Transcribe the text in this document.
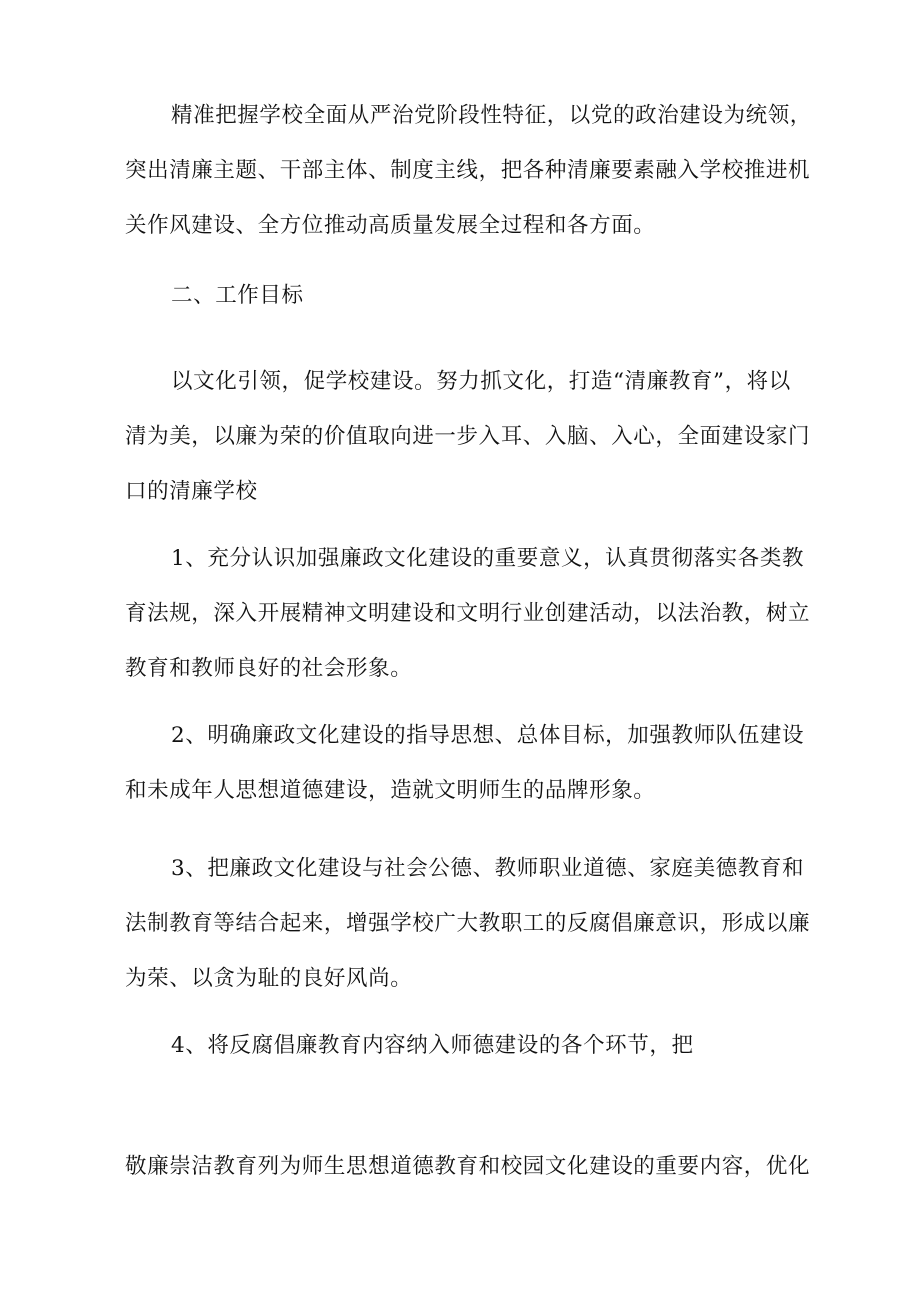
精准把握学校全面从严治党阶段性特征，以党的政治建设为统领，
突出清廉主题、干部主体、制度主线，把各种清廉要素融入学校推进机
关作风建设、全方位推动高质量发展全过程和各方面。

二、工作目标

以文化引领，促学校建设。努力抓文化，打造“清廉教育”，将以
清为美，以廉为荣的价值取向进一步入耳、入脑、入心，全面建设家门
口的清廉学校

1、充分认识加强廉政文化建设的重要意义，认真贯彻落实各类教
育法规，深入开展精神文明建设和文明行业创建活动，以法治教，树立
教育和教师良好的社会形象。

2、明确廉政文化建设的指导思想、总体目标，加强教师队伍建设
和未成年人思想道德建设，造就文明师生的品牌形象。

3、把廉政文化建设与社会公德、教师职业道德、家庭美德教育和
法制教育等结合起来，增强学校广大教职工的反腐倡廉意识，形成以廉
为荣、以贪为耻的良好风尚。

4、将反腐倡廉教育内容纳入师德建设的各个环节，把

敬廉崇洁教育列为师生思想道德教育和校园文化建设的重要内容，优化
